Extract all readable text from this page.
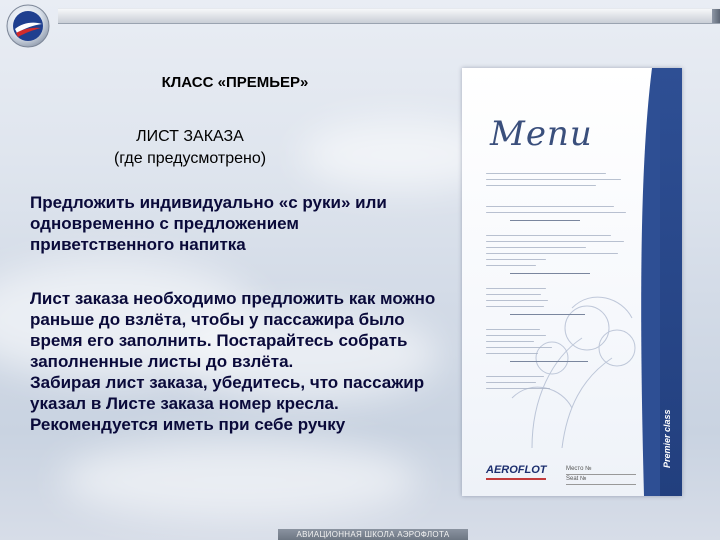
КЛАСС «ПРЕМЬЕР»
ЛИСТ ЗАКАЗА
(где предусмотрено)
Предложить индивидуально «с руки» или
одновременно с предложением
приветственного напитка
Лист заказа необходимо предложить как можно
раньше до взлёта, чтобы у пассажира было
время его заполнить. Постарайтесь собрать
заполненные листы до взлёта.
Забирая лист заказа, убедитесь, что пассажир
указал в Листе заказа номер кресла.
Рекомендуется иметь при себе ручку	Premier class
Menu
AEROFLOT	Место №
Seat №
АВИАЦИОННАЯ ШКОЛА АЭРОФЛОТА
